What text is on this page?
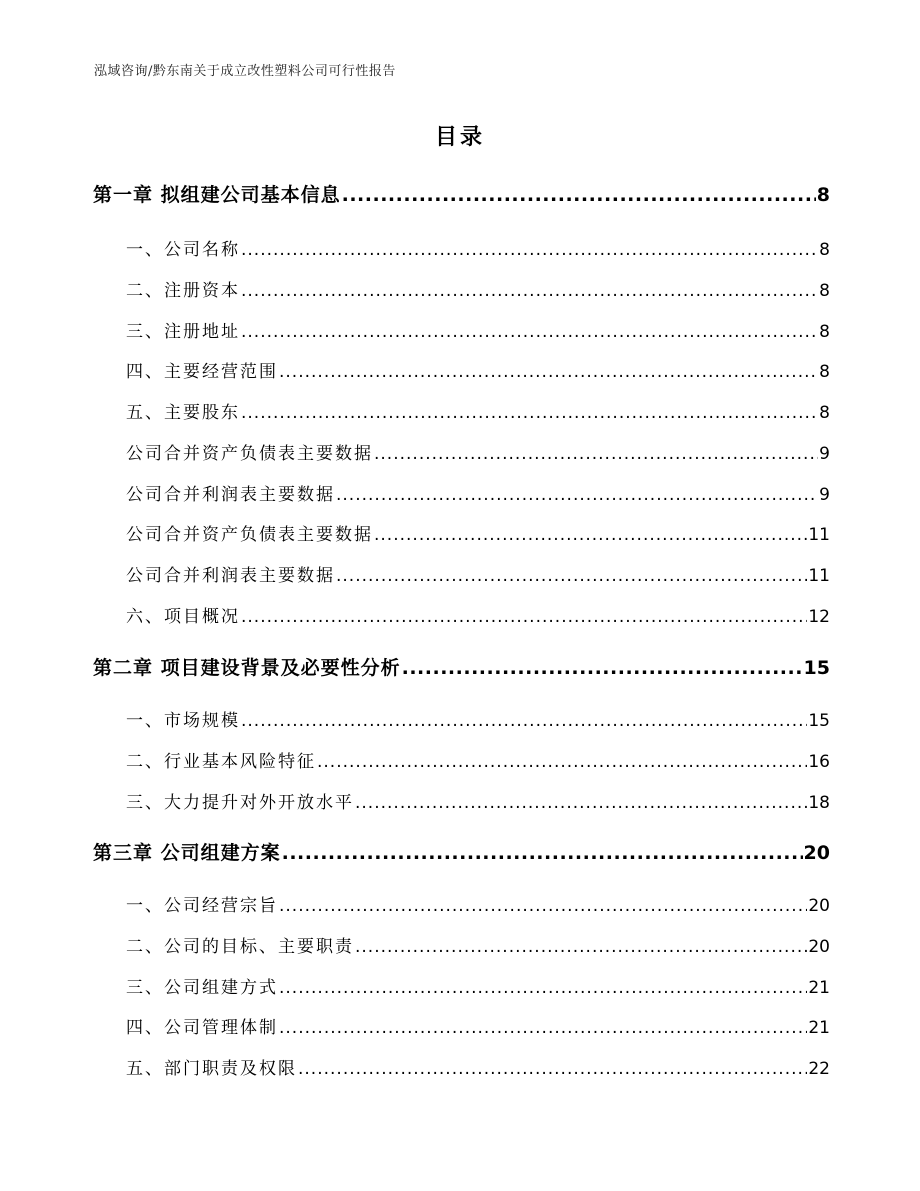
泓域咨询/黔东南关于成立改性塑料公司可行性报告
目录
第一章 拟组建公司基本信息 .....	8
一、 公司名称 .....	8
二、 注册资本 .....	8
三、 注册地址 .....	8
四、 主要经营范围 .....	8
五、 主要股东 .....	8
公司合并资产负债表主要数据 .....	9
公司合并利润表主要数据 .....	9
公司合并资产负债表主要数据 .....	11
公司合并利润表主要数据 .....	11
六、 项目概况 .....	12
第二章 项目建设背景及必要性分析 .....	15
一、 市场规模 .....	15
二、 行业基本风险特征 .....	16
三、 大力提升对外开放水平 .....	18
第三章 公司组建方案 .....	20
一、 公司经营宗旨 .....	20
二、 公司的目标、主要职责 .....	20
三、 公司组建方式 .....	21
四、 公司管理体制 .....	21
五、 部门职责及权限 .....	22
